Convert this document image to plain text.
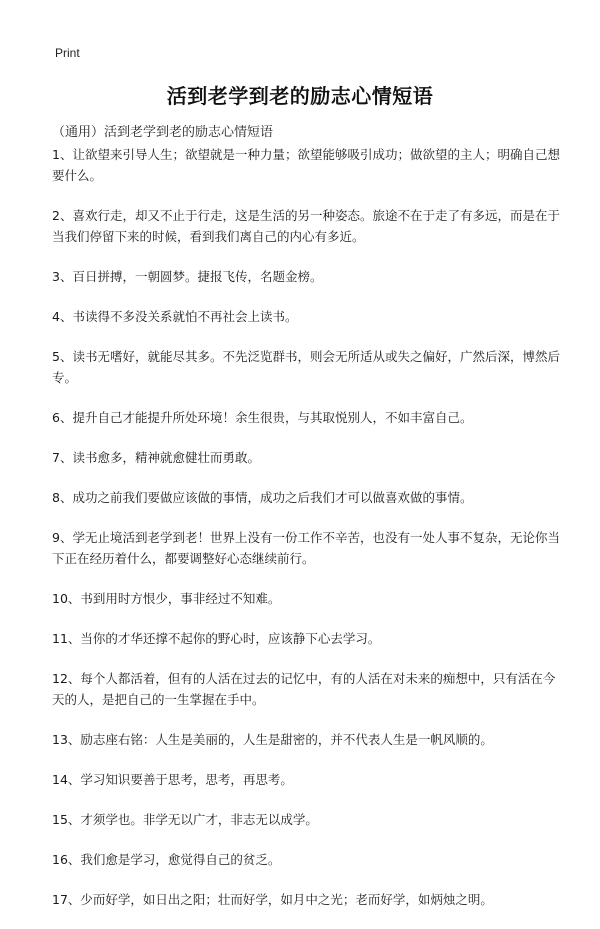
Print
活到老学到老的励志心情短语
（通用）活到老学到老的励志心情短语

1、让欲望来引导人生；欲望就是一种力量；欲望能够吸引成功；做欲望的主人；明确自己想要什么。

2、喜欢行走，却又不止于行走，这是生活的另一种姿态。旅途不在于走了有多远，而是在于当我们停留下来的时候，看到我们离自己的内心有多近。

3、百日拼搏，一朝圆梦。捷报飞传，名题金榜。

4、书读得不多没关系就怕不再社会上读书。

5、读书无嗜好，就能尽其多。不先泛览群书，则会无所适从或失之偏好，广然后深，博然后专。

6、提升自己才能提升所处环境！余生很贵，与其取悦别人，不如丰富自己。

7、读书愈多，精神就愈健壮而勇敢。

8、成功之前我们要做应该做的事情，成功之后我们才可以做喜欢做的事情。

9、学无止境活到老学到老！世界上没有一份工作不辛苦，也没有一处人事不复杂，无论你当下正在经历着什么，都要调整好心态继续前行。

10、书到用时方恨少，事非经过不知难。

11、当你的才华还撑不起你的野心时，应该静下心去学习。

12、每个人都活着，但有的人活在过去的记忆中，有的人活在对未来的痴想中，只有活在今天的人，是把自己的一生掌握在手中。

13、励志座右铭：人生是美丽的，人生是甜密的，并不代表人生是一帆风顺的。

14、学习知识要善于思考，思考，再思考。

15、才须学也。非学无以广才，非志无以成学。

16、我们愈是学习，愈觉得自己的贫乏。

17、少而好学，如日出之阳；壮而好学，如月中之光；老而好学，如炳烛之明。
